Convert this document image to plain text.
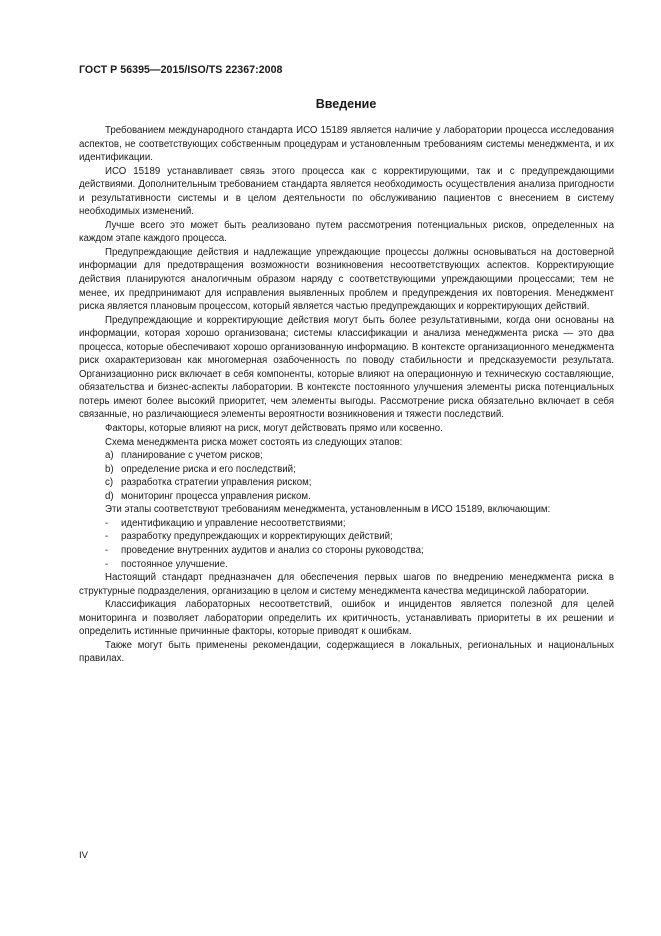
ГОСТ Р 56395—2015/ISO/TS 22367:2008
Введение

Требованием международного стандарта ИСО 15189 является наличие у лаборатории процесса исследования аспектов, не соответствующих собственным процедурам и установленным требованиям системы менеджмента, и их идентификации.

ИСО 15189 устанавливает связь этого процесса как с корректирующими, так и с предупреждающими действиями. Дополнительным требованием стандарта является необходимость осуществления анализа пригодности и результативности системы и в целом деятельности по обслуживанию пациентов с внесением в систему необходимых изменений.

Лучше всего это может быть реализовано путем рассмотрения потенциальных рисков, определенных на каждом этапе каждого процесса.

Предупреждающие действия и надлежащие упреждающие процессы должны основываться на достоверной информации для предотвращения возможности возникновения несоответствующих аспектов. Корректирующие действия планируются аналогичным образом наряду с соответствующими упреждающими процессами; тем не менее, их предпринимают для исправления выявленных проблем и предупреждения их повторения. Менеджмент риска является плановым процессом, который является частью предупреждающих и корректирующих действий.

Предупреждающие и корректирующие действия могут быть более результативными, когда они основаны на информации, которая хорошо организована; системы классификации и анализа менеджмента риска — это два процесса, которые обеспечивают хорошо организованную информацию. В контексте организационного менеджмента риск охарактеризован как многомерная озабоченность по поводу стабильности и предсказуемости результата. Организационно риск включает в себя компоненты, которые влияют на операционную и техническую составляющие, обязательства и бизнес-аспекты лаборатории. В контексте постоянного улучшения элементы риска потенциальных потерь имеют более высокий приоритет, чем элементы выгоды. Рассмотрение риска обязательно включает в себя связанные, но различающиеся элементы вероятности возникновения и тяжести последствий.

Факторы, которые влияют на риск, могут действовать прямо или косвенно.

Схема менеджмента риска может состоять из следующих этапов:

a) планирование с учетом рисков;
b) определение риска и его последствий;
c) разработка стратегии управления риском;
d) мониторинг процесса управления риском.

Эти этапы соответствуют требованиям менеджмента, установленным в ИСО 15189, включающим:

- идентификацию и управление несоответствиями;
- разработку предупреждающих и корректирующих действий;
- проведение внутренних аудитов и анализ со стороны руководства;
- постоянное улучшение.

Настоящий стандарт предназначен для обеспечения первых шагов по внедрению менеджмента риска в структурные подразделения, организацию в целом и систему менеджмента качества медицинской лаборатории.

Классификация лабораторных несоответствий, ошибок и инцидентов является полезной для целей мониторинга и позволяет лаборатории определить их критичность, устанавливать приоритеты в их решении и определить истинные причинные факторы, которые приводят к ошибкам.

Также могут быть применены рекомендации, содержащиеся в локальных, региональных и национальных правилах.

IV
